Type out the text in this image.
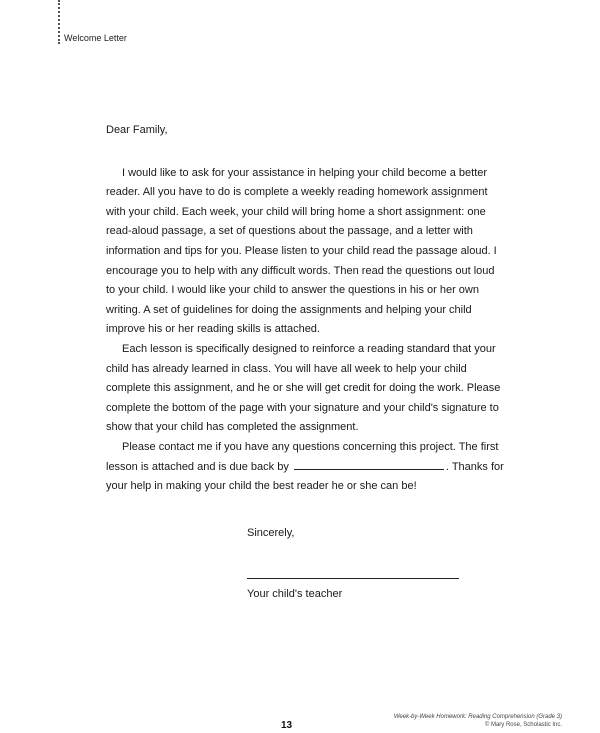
Welcome Letter

Dear Family,

I would like to ask for your assistance in helping your child become a better reader. All you have to do is complete a weekly reading homework assignment with your child. Each week, your child will bring home a short assignment: one read-aloud passage, a set of questions about the passage, and a letter with information and tips for you. Please listen to your child read the passage aloud. I encourage you to help with any difficult words. Then read the questions out loud to your child. I would like your child to answer the questions in his or her own writing. A set of guidelines for doing the assignments and helping your child improve his or her reading skills is attached.

Each lesson is specifically designed to reinforce a reading standard that your child has already learned in class. You will have all week to help your child complete this assignment, and he or she will get credit for doing the work. Please complete the bottom of the page with your signature and your child's signature to show that your child has completed the assignment.

Please contact me if you have any questions concerning this project. The first lesson is attached and is due back by	. Thanks for your help in making your child the best reader he or she can be!

Sincerely,
Your child's teacher
13
Week-by-Week Homework: Reading Comprehension (Grade 3)
© Mary Rose, Scholastic Inc.
